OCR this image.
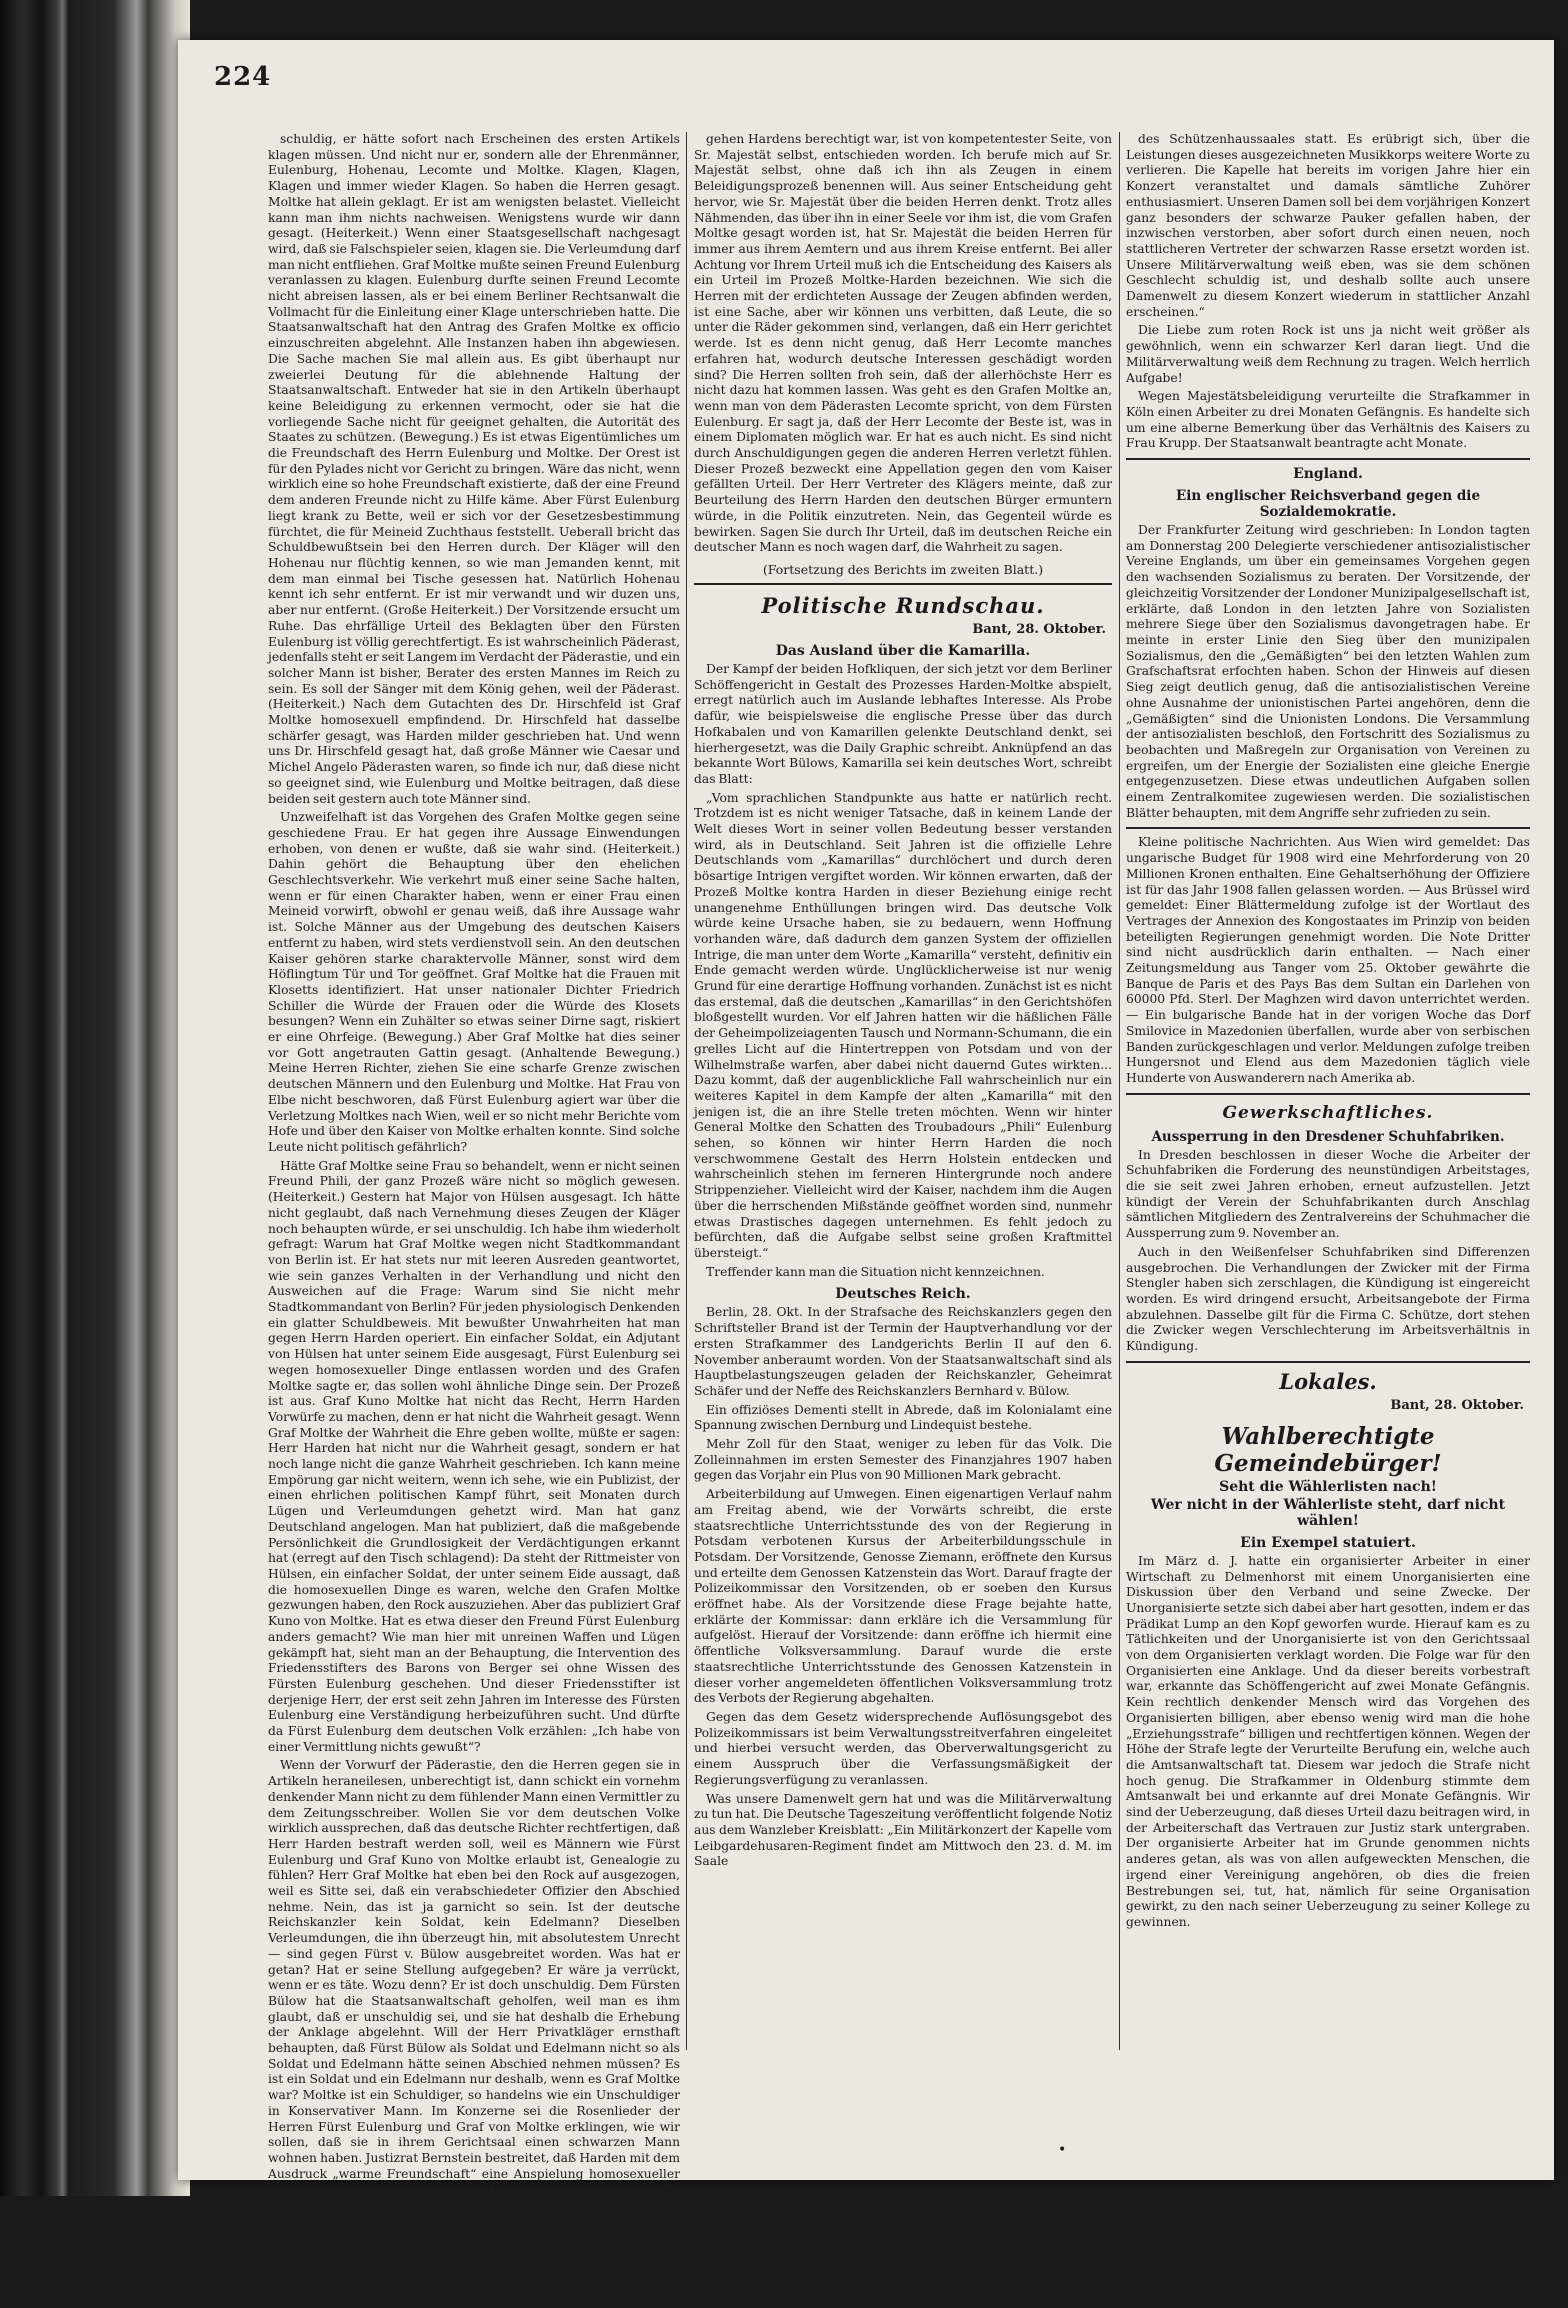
224

schuldig, er hätte sofort nach Erscheinen des ersten Artikels klagen müssen. Und nicht nur er, sondern alle der Ehrenmänner, Eulenburg, Hohenau, Lecomte und Moltke. Klagen, Klagen, Klagen und immer wieder Klagen. So haben die Herren gesagt. Moltke hat allein geklagt. Er ist am wenigsten belastet. Vielleicht kann man ihm nichts nachweisen. Wenigstens wurde wir dann gesagt. (Heiterkeit.) Wenn einer Staatsgesellschaft nachgesagt wird, daß sie Falschspieler seien, klagen sie. Die Verleumdung darf man nicht entfliehen. Graf Moltke mußte seinen Freund Eulenburg veranlassen zu klagen. Eulenburg durfte seinen Freund Lecomte nicht abreisen lassen, als er bei einem Berliner Rechtsanwalt die Vollmacht für die Einleitung einer Klage unterschrieben hatte. Die Staatsanwaltschaft hat den Antrag des Grafen Moltke ex officio einzuschreiten abgelehnt. Alle Instanzen haben ihn abgewiesen. Die Sache machen Sie mal allein aus. Es gibt überhaupt nur zweierlei Deutung für die ablehnende Haltung der Staatsanwaltschaft. Entweder hat sie in den Artikeln überhaupt keine Beleidigung zu erkennen vermocht, oder sie hat die vorliegende Sache nicht für geeignet gehalten, die Autorität des Staates zu schützen. (Bewegung.) Es ist etwas Eigentümliches um die Freundschaft des Herrn Eulenburg und Moltke. Der Orest ist für den Pylades nicht vor Gericht zu bringen. Wäre das nicht, wenn wirklich eine so hohe Freundschaft existierte, daß der eine Freund dem anderen Freunde nicht zu Hilfe käme. Aber Fürst Eulenburg liegt krank zu Bette, weil er sich vor der Gesetzesbestimmung fürchtet, die für Meineid Zuchthaus feststellt. Ueberall bricht das Schuldbewußtsein bei den Herren durch. Der Kläger will den Hohenau nur flüchtig kennen, so wie man Jemanden kennt, mit dem man einmal bei Tische gesessen hat. Natürlich Hohenau kennt ich sehr entfernt. Er ist mir verwandt und wir duzen uns, aber nur entfernt. (Große Heiterkeit.) Der Vorsitzende ersucht um Ruhe. Das ehrfällige Urteil des Beklagten über den Fürsten Eulenburg ist völlig gerechtfertigt. Es ist wahrscheinlich Päderast, jedenfalls steht er seit Langem im Verdacht der Päderastie, und ein solcher Mann ist bisher, Berater des ersten Mannes im Reich zu sein. Es soll der Sänger mit dem König gehen, weil der Päderast. (Heiterkeit.) Nach dem Gutachten des Dr. Hirschfeld ist Graf Moltke homosexuell empfindend. Dr. Hirschfeld hat dasselbe schärfer gesagt, was Harden milder geschrieben hat. Und wenn uns Dr. Hirschfeld gesagt hat, daß große Männer wie Caesar und Michel Angelo Päderasten waren, so finde ich nur, daß diese nicht so geeignet sind, wie Eulenburg und Moltke beitragen, daß diese beiden seit gestern auch tote Männer sind.

Unzweifelhaft ist das Vorgehen des Grafen Moltke gegen seine geschiedene Frau. Er hat gegen ihre Aussage Einwendungen erhoben, von denen er wußte, daß sie wahr sind. (Heiterkeit.) Dahin gehört die Behauptung über den ehelichen Geschlechtsverkehr. Wie verkehrt muß einer seine Sache halten, wenn er für einen Charakter haben, wenn er einer Frau einen Meineid vorwirft, obwohl er genau weiß, daß ihre Aussage wahr ist. Solche Männer aus der Umgebung des deutschen Kaisers entfernt zu haben, wird stets verdienstvoll sein. An den deutschen Kaiser gehören starke charaktervolle Männer, sonst wird dem Höflingtum Tür und Tor geöffnet. Graf Moltke hat die Frauen mit Klosetts identifiziert. Hat unser nationaler Dichter Friedrich Schiller die Würde der Frauen oder die Würde des Klosets besungen? Wenn ein Zuhälter so etwas seiner Dirne sagt, riskiert er eine Ohrfeige. (Bewegung.) Aber Graf Moltke hat dies seiner vor Gott angetrauten Gattin gesagt. (Anhaltende Bewegung.) Meine Herren Richter, ziehen Sie eine scharfe Grenze zwischen deutschen Männern und den Eulenburg und Moltke. Hat Frau von Elbe nicht beschworen, daß Fürst Eulenburg agiert war über die Verletzung Moltkes nach Wien, weil er so nicht mehr Berichte vom Hofe und über den Kaiser von Moltke erhalten konnte. Sind solche Leute nicht politisch gefährlich?

Hätte Graf Moltke seine Frau so behandelt, wenn er nicht seinen Freund Phili, der ganz Prozeß wäre nicht so möglich gewesen. (Heiterkeit.) Gestern hat Major von Hülsen ausgesagt. Ich hätte nicht geglaubt, daß nach Vernehmung dieses Zeugen der Kläger noch behaupten würde, er sei unschuldig. Ich habe ihm wiederholt gefragt: Warum hat Graf Moltke wegen nicht Stadtkommandant von Berlin ist. Er hat stets nur mit leeren Ausreden geantwortet, wie sein ganzes Verhalten in der Verhandlung und nicht den Ausweichen auf die Frage: Warum sind Sie nicht mehr Stadtkommandant von Berlin? Für jeden physiologisch Denkenden ein glatter Schuldbeweis. Mit bewußter Unwahrheiten hat man gegen Herrn Harden operiert. Ein einfacher Soldat, ein Adjutant von Hülsen hat unter seinem Eide ausgesagt, Fürst Eulenburg sei wegen homosexueller Dinge entlassen worden und des Grafen Moltke sagte er, das sollen wohl ähnliche Dinge sein. Der Prozeß ist aus. Graf Kuno Moltke hat nicht das Recht, Herrn Harden Vorwürfe zu machen, denn er hat nicht die Wahrheit gesagt. Wenn Graf Moltke der Wahrheit die Ehre geben wollte, müßte er sagen: Herr Harden hat nicht nur die Wahrheit gesagt, sondern er hat noch lange nicht die ganze Wahrheit geschrieben. Ich kann meine Empörung gar nicht weitern, wenn ich sehe, wie ein Publizist, der einen ehrlichen politischen Kampf führt, seit Monaten durch Lügen und Verleumdungen gehetzt wird. Man hat ganz Deutschland angelogen. Man hat publiziert, daß die maßgebende Persönlichkeit die Grundlosigkeit der Verdächtigungen erkannt hat (erregt auf den Tisch schlagend): Da steht der Rittmeister von Hülsen, ein einfacher Soldat, der unter seinem Eide aussagt, daß die homosexuellen Dinge es waren, welche den Grafen Moltke gezwungen haben, den Rock auszuziehen. Aber das publiziert Graf Kuno von Moltke. Hat es etwa dieser den Freund Fürst Eulenburg anders gemacht? Wie man hier mit unreinen Waffen und Lügen gekämpft hat, sieht man an der Behauptung, die Intervention des Friedensstifters des Barons von Berger sei ohne Wissen des Fürsten Eulenburg geschehen. Und dieser Friedensstifter ist derjenige Herr, der erst seit zehn Jahren im Interesse des Fürsten Eulenburg eine Verständigung herbeizuführen sucht. Und dürfte da Fürst Eulenburg dem deutschen Volk erzählen: „Ich habe von einer Vermittlung nichts gewußt“?

Wenn der Vorwurf der Päderastie, den die Herren gegen sie in Artikeln heraneilesen, unberechtigt ist, dann schickt ein vornehm denkender Mann nicht zu dem fühlender Mann einen Vermittler zu dem Zeitungsschreiber. Wollen Sie vor dem deutschen Volke wirklich aussprechen, daß das deutsche Richter rechtfertigen, daß Herr Harden bestraft werden soll, weil es Männern wie Fürst Eulenburg und Graf Kuno von Moltke erlaubt ist, Genealogie zu fühlen? Herr Graf Moltke hat eben bei den Rock auf ausgezogen, weil es Sitte sei, daß ein verabschiedeter Offizier den Abschied nehme. Nein, das ist ja garnicht so sein. Ist der deutsche Reichskanzler kein Soldat, kein Edelmann? Dieselben Verleumdungen, die ihn überzeugt hin, mit absolutestem Unrecht — sind gegen Fürst v. Bülow ausgebreitet worden. Was hat er getan? Hat er seine Stellung aufgegeben? Er wäre ja verrückt, wenn er es täte. Wozu denn? Er ist doch unschuldig. Dem Fürsten Bülow hat die Staatsanwaltschaft geholfen, weil man es ihm glaubt, daß er unschuldig sei, und sie hat deshalb die Erhebung der Anklage abgelehnt. Will der Herr Privatkläger ernsthaft behaupten, daß Fürst Bülow als Soldat und Edelmann nicht so als Soldat und Edelmann hätte seinen Abschied nehmen müssen? Es ist ein Soldat und ein Edelmann nur deshalb, wenn es Graf Moltke war? Moltke ist ein Schuldiger, so handelns wie ein Unschuldiger in Konservativer Mann. Im Konzerne sei die Rosenlieder der Herren Fürst Eulenburg und Graf von Moltke erklingen, wie wir sollen, daß sie in ihrem Gerichtsaal einen schwarzen Mann wohnen haben. Justizrat Bernstein bestreitet, daß Harden mit dem Ausdruck „warme Freundschaft“ eine Anspielung homosexueller Art enthält, wie er sie irgendein Interesse besonders einstellt. Harden hat nicht so gemeint. Er hat im Artikel „Nachtgespräch“ keinen Seitenschreiber. Harden sagt in diesem Artikel, daß die Interessen einzuschließen aus: diese Kreise sprechen von Sr. Majestät im ungewöhnlichen Tone und in einer Seele. Er habe den Kopf gewiesen. Das ist Wort für Wort wahr. Die Frage, ob die Herren Eulenburg und Moltke die Berater des Kaisers waren und was der Vor-

gehen Hardens berechtigt war, ist von kompetentester Seite, von Sr. Majestät selbst, entschieden worden. Ich berufe mich auf Sr. Majestät selbst, ohne daß ich ihn als Zeugen in einem Beleidigungsprozeß benennen will. Aus seiner Entscheidung geht hervor, wie Sr. Majestät über die beiden Herren denkt. Trotz alles Nähmenden, das über ihn in einer Seele vor ihm ist, die vom Grafen Moltke gesagt worden ist, hat Sr. Majestät die beiden Herren für immer aus ihrem Aemtern und aus ihrem Kreise entfernt. Bei aller Achtung vor Ihrem Urteil muß ich die Entscheidung des Kaisers als ein Urteil im Prozeß Moltke-Harden bezeichnen. Wie sich die Herren mit der erdichteten Aussage der Zeugen abfinden werden, ist eine Sache, aber wir können uns verbitten, daß Leute, die so unter die Räder gekommen sind, verlangen, daß ein Herr gerichtet werde. Ist es denn nicht genug, daß Herr Lecomte manches erfahren hat, wodurch deutsche Interessen geschädigt worden sind? Die Herren sollten froh sein, daß der allerhöchste Herr es nicht dazu hat kommen lassen. Was geht es den Grafen Moltke an, wenn man von dem Päderasten Lecomte spricht, von dem Fürsten Eulenburg. Er sagt ja, daß der Herr Lecomte der Beste ist, was in einem Diplomaten möglich war. Er hat es auch nicht. Es sind nicht durch Anschuldigungen gegen die anderen Herren verletzt fühlen. Dieser Prozeß bezweckt eine Appellation gegen den vom Kaiser gefällten Urteil. Der Herr Vertreter des Klägers meinte, daß zur Beurteilung des Herrn Harden den deutschen Bürger ermuntern würde, in die Politik einzutreten. Nein, das Gegenteil würde es bewirken. Sagen Sie durch Ihr Urteil, daß im deutschen Reiche ein deutscher Mann es noch wagen darf, die Wahrheit zu sagen.

(Fortsetzung des Berichts im zweiten Blatt.)
Politische Rundschau.
Bant, 28. Oktober.
Das Ausland über die Kamarilla.

Der Kampf der beiden Hofkliquen, der sich jetzt vor dem Berliner Schöffengericht in Gestalt des Prozesses Harden-Moltke abspielt, erregt natürlich auch im Auslande lebhaftes Interesse. Als Probe dafür, wie beispielsweise die englische Presse über das durch Hofkabalen und von Kamarillen gelenkte Deutschland denkt, sei hierhergesetzt, was die Daily Graphic schreibt. Anknüpfend an das bekannte Wort Bülows, Kamarilla sei kein deutsches Wort, schreibt das Blatt:

„Vom sprachlichen Standpunkte aus hatte er natürlich recht. Trotzdem ist es nicht weniger Tatsache, daß in keinem Lande der Welt dieses Wort in seiner vollen Bedeutung besser verstanden wird, als in Deutschland. Seit Jahren ist die offizielle Lehre Deutschlands vom „Kamarillas“ durchlöchert und durch deren bösartige Intrigen vergiftet worden. Wir können erwarten, daß der Prozeß Moltke kontra Harden in dieser Beziehung einige recht unangenehme Enthüllungen bringen wird. Das deutsche Volk würde keine Ursache haben, sie zu bedauern, wenn Hoffnung vorhanden wäre, daß dadurch dem ganzen System der offiziellen Intrige, die man unter dem Worte „Kamarilla“ versteht, definitiv ein Ende gemacht werden würde. Unglücklicherweise ist nur wenig Grund für eine derartige Hoffnung vorhanden. Zunächst ist es nicht das erstemal, daß die deutschen „Kamarillas“ in den Gerichtshöfen bloßgestellt wurden. Vor elf Jahren hatten wir die häßlichen Fälle der Geheimpolizeiagenten Tausch und Normann-Schumann, die ein grelles Licht auf die Hintertreppen von Potsdam und von der Wilhelmstraße warfen, aber dabei nicht dauernd Gutes wirkten... Dazu kommt, daß der augenblickliche Fall wahrscheinlich nur ein weiteres Kapitel in dem Kampfe der alten „Kamarilla“ mit den jenigen ist, die an ihre Stelle treten möchten. Wenn wir hinter General Moltke den Schatten des Troubadours „Phili“ Eulenburg sehen, so können wir hinter Herrn Harden die noch verschwommene Gestalt des Herrn Holstein entdecken und wahrscheinlich stehen im ferneren Hintergrunde noch andere Strippenzieher. Vielleicht wird der Kaiser, nachdem ihm die Augen über die herrschenden Mißstände geöffnet worden sind, nunmehr etwas Drastisches dagegen unternehmen. Es fehlt jedoch zu befürchten, daß die Aufgabe selbst seine großen Kraftmittel übersteigt.“

Treffender kann man die Situation nicht kennzeichnen.

Deutsches Reich.

Berlin, 28. Okt. In der Strafsache des Reichskanzlers gegen den Schriftsteller Brand ist der Termin der Hauptverhandlung vor der ersten Strafkammer des Landgerichts Berlin II auf den 6. November anberaumt worden. Von der Staatsanwaltschaft sind als Hauptbelastungszeugen geladen der Reichskanzler, Geheimrat Schäfer und der Neffe des Reichskanzlers Bernhard v. Bülow.

Ein offiziöses Dementi stellt in Abrede, daß im Kolonialamt eine Spannung zwischen Dernburg und Lindequist bestehe.

Mehr Zoll für den Staat, weniger zu leben für das Volk. Die Zolleinnahmen im ersten Semester des Finanzjahres 1907 haben gegen das Vorjahr ein Plus von 90 Millionen Mark gebracht.

Arbeiterbildung auf Umwegen. Einen eigenartigen Verlauf nahm am Freitag abend, wie der Vorwärts schreibt, die erste staatsrechtliche Unterrichtsstunde des von der Regierung in Potsdam verbotenen Kursus der Arbeiterbildungsschule in Potsdam. Der Vorsitzende, Genosse Ziemann, eröffnete den Kursus und erteilte dem Genossen Katzenstein das Wort. Darauf fragte der Polizeikommissar den Vorsitzenden, ob er soeben den Kursus eröffnet habe. Als der Vorsitzende diese Frage bejahte hatte, erklärte der Kommissar: dann erkläre ich die Versammlung für aufgelöst. Hierauf der Vorsitzende: dann eröffne ich hiermit eine öffentliche Volksversammlung. Darauf wurde die erste staatsrechtliche Unterrichtsstunde des Genossen Katzenstein in dieser vorher angemeldeten öffentlichen Volksversammlung trotz des Verbots der Regierung abgehalten.

Gegen das dem Gesetz widersprechende Auflösungsgebot des Polizeikommissars ist beim Verwaltungsstreitverfahren eingeleitet und hierbei versucht werden, das Oberverwaltungsgericht zu einem Ausspruch über die Verfassungsmäßigkeit der Regierungsverfügung zu veranlassen.

Was unsere Damenwelt gern hat und was die Militärverwaltung zu tun hat. Die Deutsche Tageszeitung veröffentlicht folgende Notiz aus dem Wanzleber Kreisblatt: „Ein Militärkonzert der Kapelle vom Leibgardehusaren-Regiment findet am Mittwoch den 23. d. M. im Saale

des Schützenhaussaales statt. Es erübrigt sich, über die Leistungen dieses ausgezeichneten Musikkorps weitere Worte zu verlieren. Die Kapelle hat bereits im vorigen Jahre hier ein Konzert veranstaltet und damals sämtliche Zuhörer enthusiasmiert. Unseren Damen soll bei dem vorjährigen Konzert ganz besonders der schwarze Pauker gefallen haben, der inzwischen verstorben, aber sofort durch einen neuen, noch stattlicheren Vertreter der schwarzen Rasse ersetzt worden ist. Unsere Militärverwaltung weiß eben, was sie dem schönen Geschlecht schuldig ist, und deshalb sollte auch unsere Damenwelt zu diesem Konzert wiederum in stattlicher Anzahl erscheinen.“

Die Liebe zum roten Rock ist uns ja nicht weit größer als gewöhnlich, wenn ein schwarzer Kerl daran liegt. Und die Militärverwaltung weiß dem Rechnung zu tragen. Welch herrlich Aufgabe!

Wegen Majestätsbeleidigung verurteilte die Strafkammer in Köln einen Arbeiter zu drei Monaten Gefängnis. Es handelte sich um eine alberne Bemerkung über das Verhältnis des Kaisers zu Frau Krupp. Der Staatsanwalt beantragte acht Monate.

England.
Ein englischer Reichsverband gegen die Sozialdemokratie.

Der Frankfurter Zeitung wird geschrieben: In London tagten am Donnerstag 200 Delegierte verschiedener antisozialistischer Vereine Englands, um über ein gemeinsames Vorgehen gegen den wachsenden Sozialismus zu beraten. Der Vorsitzende, der gleichzeitig Vorsitzender der Londoner Munizipalgesellschaft ist, erklärte, daß London in den letzten Jahre von Sozialisten mehrere Siege über den Sozialismus davongetragen habe. Er meinte in erster Linie den Sieg über den munizipalen Sozialismus, den die „Gemäßigten“ bei den letzten Wahlen zum Grafschaftsrat erfochten haben. Schon der Hinweis auf diesen Sieg zeigt deutlich genug, daß die antisozialistischen Vereine ohne Ausnahme der unionistischen Partei angehören, denn die „Gemäßigten“ sind die Unionisten Londons. Die Versammlung der antisozialisten beschloß, den Fortschritt des Sozialismus zu beobachten und Maßregeln zur Organisation von Vereinen zu ergreifen, um der Energie der Sozialisten eine gleiche Energie entgegenzusetzen. Diese etwas undeutlichen Aufgaben sollen einem Zentralkomitee zugewiesen werden. Die sozialistischen Blätter behaupten, mit dem Angriffe sehr zufrieden zu sein.

Kleine politische Nachrichten. Aus Wien wird gemeldet: Das ungarische Budget für 1908 wird eine Mehrforderung von 20 Millionen Kronen enthalten. Eine Gehaltserhöhung der Offiziere ist für das Jahr 1908 fallen gelassen worden. — Aus Brüssel wird gemeldet: Einer Blättermeldung zufolge ist der Wortlaut des Vertrages der Annexion des Kongostaates im Prinzip von beiden beteiligten Regierungen genehmigt worden. Die Note Dritter sind nicht ausdrücklich darin enthalten. — Nach einer Zeitungsmeldung aus Tanger vom 25. Oktober gewährte die Banque de Paris et des Pays Bas dem Sultan ein Darlehen von 60000 Pfd. Sterl. Der Maghzen wird davon unterrichtet werden. — Ein bulgarische Bande hat in der vorigen Woche das Dorf Smilovice in Mazedonien überfallen, wurde aber von serbischen Banden zurückgeschlagen und verlor. Meldungen zufolge treiben Hungersnot und Elend aus dem Mazedonien täglich viele Hunderte von Auswanderern nach Amerika ab.

Gewerkschaftliches.
Aussperrung in den Dresdener Schuhfabriken.

In Dresden beschlossen in dieser Woche die Arbeiter der Schuhfabriken die Forderung des neunstündigen Arbeitstages, die sie seit zwei Jahren erhoben, erneut aufzustellen. Jetzt kündigt der Verein der Schuhfabrikanten durch Anschlag sämtlichen Mitgliedern des Zentralvereins der Schuhmacher die Aussperrung zum 9. November an.

Auch in den Weißenfelser Schuhfabriken sind Differenzen ausgebrochen. Die Verhandlungen der Zwicker mit der Firma Stengler haben sich zerschlagen, die Kündigung ist eingereicht worden. Es wird dringend ersucht, Arbeitsangebote der Firma abzulehnen. Dasselbe gilt für die Firma C. Schütze, dort stehen die Zwicker wegen Verschlechterung im Arbeitsverhältnis in Kündigung.

Lokales.
Bant, 28. Oktober.
Wahlberechtigte Gemeindebürger!
Seht die Wählerlisten nach!
Wer nicht in der Wählerliste steht, darf nicht wählen!
Ein Exempel statuiert.

Im März d. J. hatte ein organisierter Arbeiter in einer Wirtschaft zu Delmenhorst mit einem Unorganisierten eine Diskussion über den Verband und seine Zwecke. Der Unorganisierte setzte sich dabei aber hart gesotten, indem er das Prädikat Lump an den Kopf geworfen wurde. Hierauf kam es zu Tätlichkeiten und der Unorganisierte ist von den Gerichtssaal von dem Organisierten verklagt worden. Die Folge war für den Organisierten eine Anklage. Und da dieser bereits vorbestraft war, erkannte das Schöffengericht auf zwei Monate Gefängnis. Kein rechtlich denkender Mensch wird das Vorgehen des Organisierten billigen, aber ebenso wenig wird man die hohe „Erziehungsstrafe“ billigen und rechtfertigen können. Wegen der Höhe der Strafe legte der Verurteilte Berufung ein, welche auch die Amtsanwaltschaft tat. Diesem war jedoch die Strafe nicht hoch genug. Die Strafkammer in Oldenburg stimmte dem Amtsanwalt bei und erkannte auf drei Monate Gefängnis. Wir sind der Ueberzeugung, daß dieses Urteil dazu beitragen wird, in der Arbeiterschaft das Vertrauen zur Justiz stark untergraben. Der organisierte Arbeiter hat im Grunde genommen nichts anderes getan, als was von allen aufgeweckten Menschen, die irgend einer Vereinigung angehören, ob dies die freien Bestrebungen sei, tut, hat, nämlich für seine Organisation gewirkt, zu den nach seiner Ueberzeugung zu seiner Kollege zu gewinnen.

•
